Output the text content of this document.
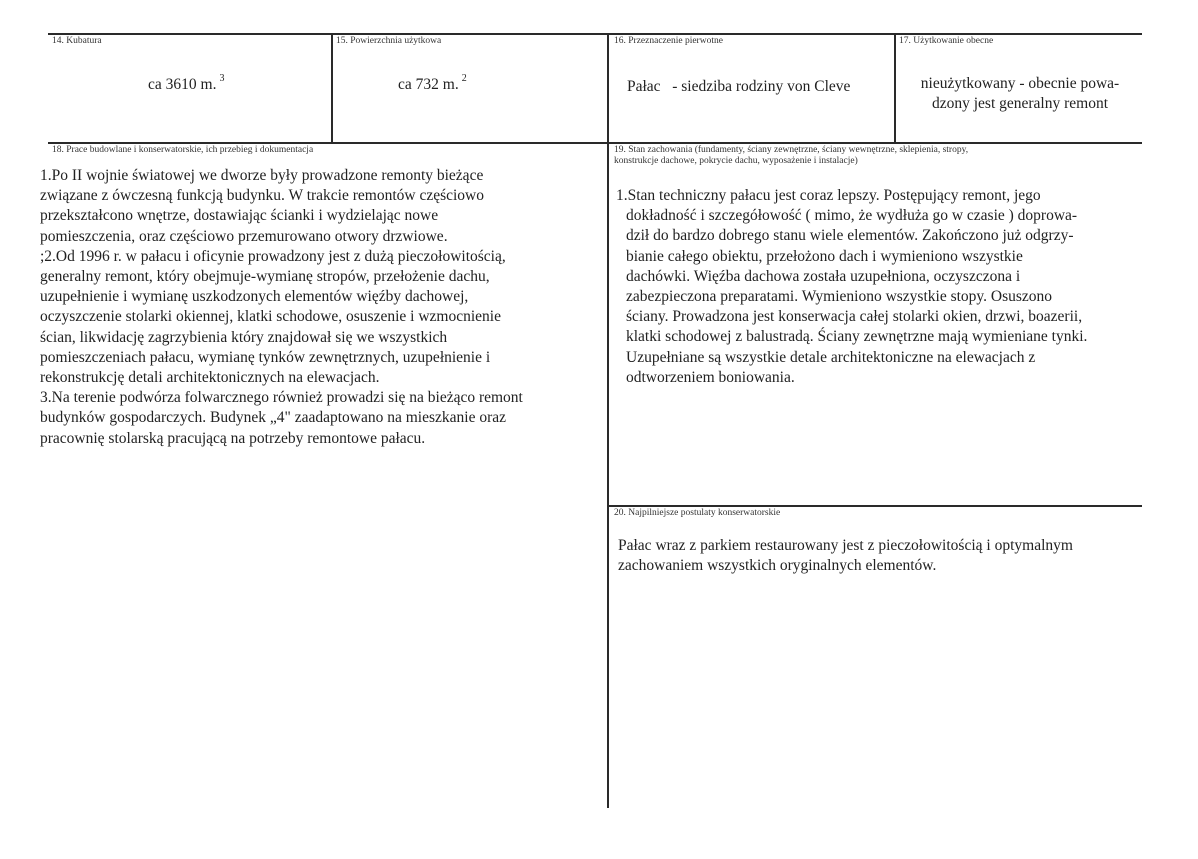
14. Kubatura
ca 3610 m. $^3$
15. Powierzchnia użytkowa
ca 732 m. $^2$
16. Przeznaczenie pierwotne
Pałac   - siedziba rodziny von Cleve
17. Użytkowanie obecne
nieużytkowany - obecnie powa-
dzony jest generalny remont
18. Prace budowlane i konserwatorskie, ich przebieg i dokumentacja
1.Po II wojnie światowej we dworze były prowadzone remonty bieżące
związane z ówczesną funkcją budynku. W trakcie remontów częściowo
przekształcono wnętrze, dostawiając ścianki i wydzielając nowe
pomieszczenia, oraz częściowo przemurowano otwory drzwiowe.
;2.Od 1996 r. w pałacu i oficynie prowadzony jest z dużą pieczołowitością,
generalny remont, który obejmuje-wymianę stropów, przełożenie dachu,
uzupełnienie i wymianę uszkodzonych elementów więźby dachowej,
oczyszczenie stolarki okiennej, klatki schodowe, osuszenie i wzmocnienie
ścian, likwidację zagrzybienia który znajdował się we wszystkich
pomieszczeniach pałacu, wymianę tynków zewnętrznych, uzupełnienie i
rekonstrukcję detali architektonicznych na elewacjach.
3.Na terenie podwórza folwarcznego również prowadzi się na bieżąco remont
budynków gospodarczych. Budynek „4" zaadaptowano na mieszkanie oraz
pracownię stolarską pracującą na potrzeby remontowe pałacu.
19. Stan zachowania (fundamenty, ściany zewnętrzne, ściany wewnętrzne, sklepienia, stropy,
konstrukcje dachowe, pokrycie dachu, wyposażenie i instalacje)
1.Stan techniczny pałacu jest coraz lepszy. Postępujący remont, jego
dokładność i szczegółowość ( mimo, że wydłuża go w czasie ) doprowa-
dził do bardzo dobrego stanu wiele elementów. Zakończono już odgrzy-
bianie całego obiektu, przełożono dach i wymieniono wszystkie
dachówki. Więźba dachowa została uzupełniona, oczyszczona i
zabezpieczona preparatami. Wymieniono wszystkie stopy. Osuszono
ściany. Prowadzona jest konserwacja całej stolarki okien, drzwi, boazerii,
klatki schodowej z balustradą. Ściany zewnętrzne mają wymieniane tynki.
Uzupełniane są wszystkie detale architektoniczne na elewacjach z
odtworzeniem boniowania.
20. Najpilniejsze postulaty konserwatorskie
Pałac wraz z parkiem restaurowany jest z pieczołowitością i optymalnym
zachowaniem wszystkich oryginalnych elementów.
